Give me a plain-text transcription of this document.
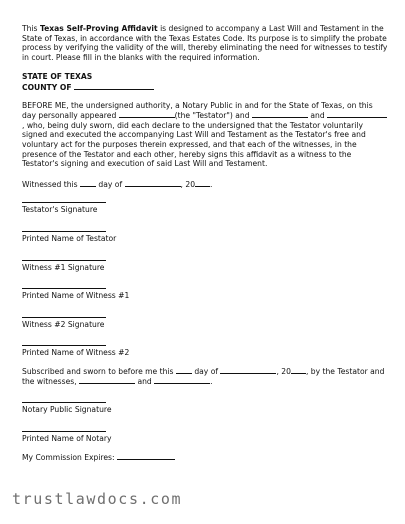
This Texas Self-Proving Affidavit is designed to accompany a Last Will and Testament in the State of Texas, in accordance with the Texas Estates Code. Its purpose is to simplify the probate process by verifying the validity of the will, thereby eliminating the need for witnesses to testify in court. Please fill in the blanks with the required information.

STATE OF TEXAS

COUNTY OF

BEFORE ME, the undersigned authority, a Notary Public in and for the State of Texas, on this day personally appeared	(the "Testator") and	and , who, being duly sworn, did each declare to the undersigned that the Testator voluntarily signed and executed the accompanying Last Will and Testament as the Testator's free and voluntary act for the purposes therein expressed, and that each of the witnesses, in the presence of the Testator and each other, hereby signs this affidavit as a witness to the Testator's signing and execution of said Last Will and Testament.

Witnessed this  day of	, 20 .

Testator's Signature

Printed Name of Testator

Witness #1 Signature

Printed Name of Witness #1

Witness #2 Signature

Printed Name of Witness #2

Subscribed and sworn to before me this  day of	, 20 , by the Testator and the witnesses,	and	.

Notary Public Signature

Printed Name of Notary

My Commission Expires:

trustlawdocs.com
